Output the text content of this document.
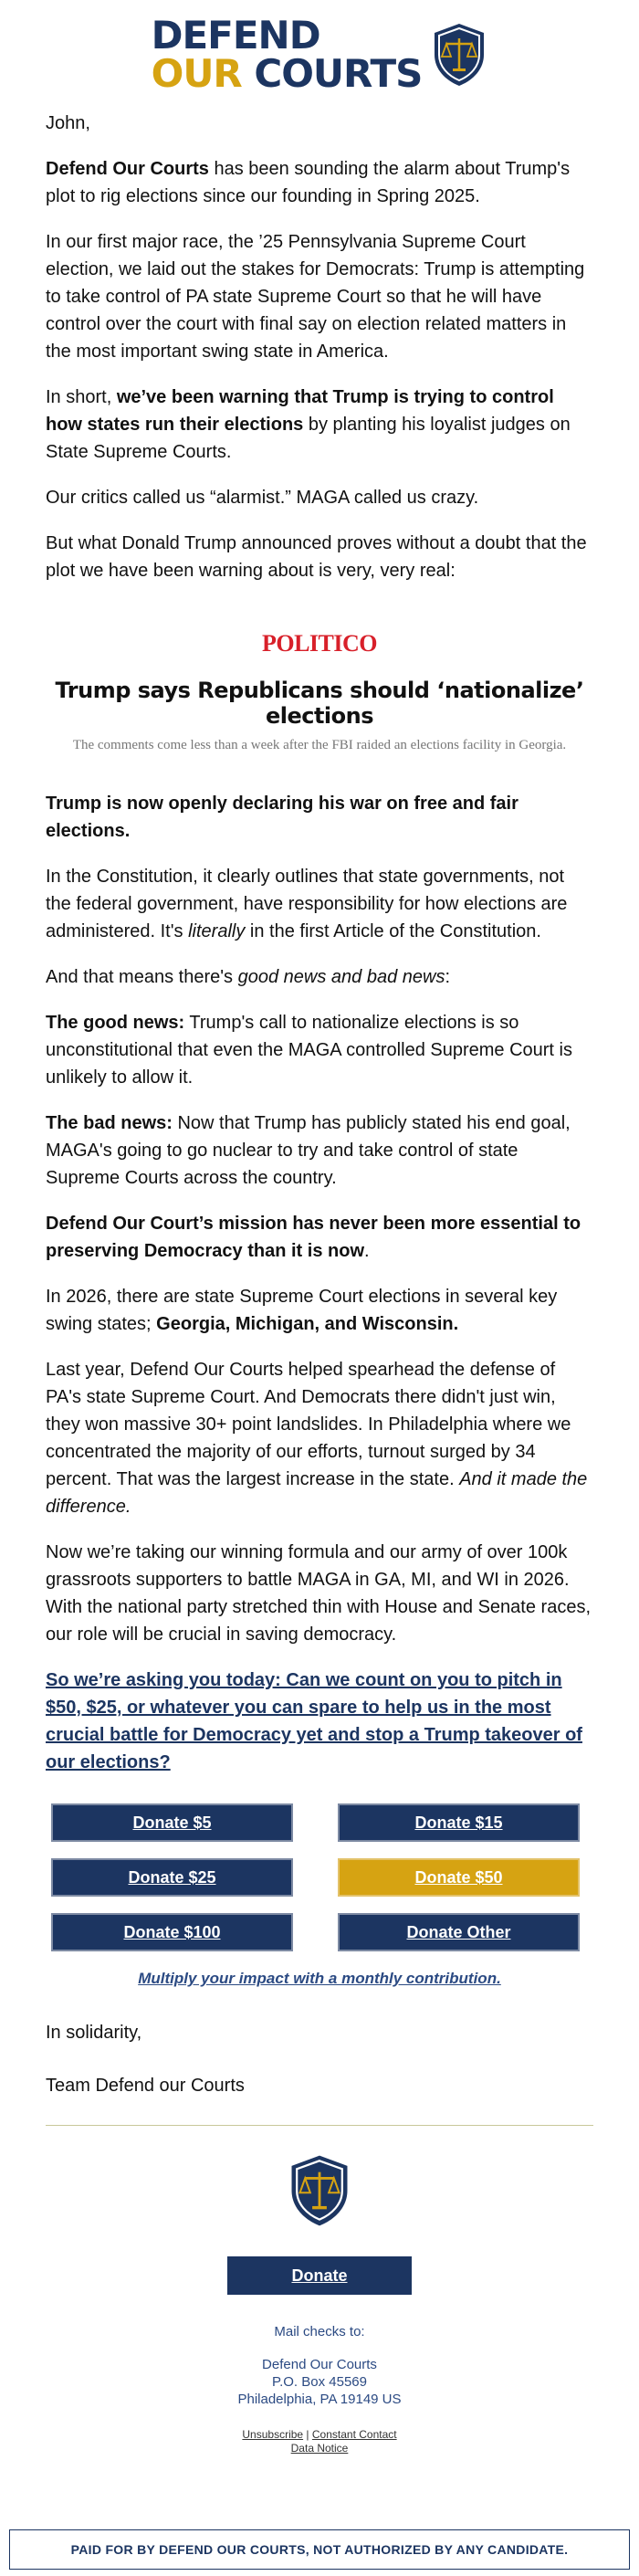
DEFEND
OUR COURTS

John,

Defend Our Courts has been sounding the alarm about Trump's plot to rig elections since our founding in Spring 2025.

In our first major race, the ’25 Pennsylvania Supreme Court election, we laid out the stakes for Democrats: Trump is attempting to take control of PA state Supreme Court so that he will have control over the court with final say on election related matters in the most important swing state in America.

In short, we’ve been warning that Trump is trying to control how states run their elections by planting his loyalist judges on State Supreme Courts.

Our critics called us “alarmist.” MAGA called us crazy.

But what Donald Trump announced proves without a doubt that the plot we have been warning about is very, very real:

POLITICO
Trump says Republicans should ‘nationalize’ elections
The comments come less than a week after the FBI raided an elections facility in Georgia.

Trump is now openly declaring his war on free and fair elections.

In the Constitution, it clearly outlines that state governments, not the federal government, have responsibility for how elections are administered. It's literally in the first Article of the Constitution.

And that means there's good news and bad news:

The good news: Trump's call to nationalize elections is so unconstitutional that even the MAGA controlled Supreme Court is unlikely to allow it.

The bad news: Now that Trump has publicly stated his end goal, MAGA's going to go nuclear to try and take control of state Supreme Courts across the country.

Defend Our Court’s mission has never been more essential to preserving Democracy than it is now.

In 2026, there are state Supreme Court elections in several key swing states; Georgia, Michigan, and Wisconsin.

Last year, Defend Our Courts helped spearhead the defense of PA's state Supreme Court. And Democrats there didn't just win, they won massive 30+ point landslides. In Philadelphia where we concentrated the majority of our efforts, turnout surged by 34 percent. That was the largest increase in the state. And it made the difference.

Now we’re taking our winning formula and our army of over 100k grassroots supporters to battle MAGA in GA, MI, and WI in 2026. With the national party stretched thin with House and Senate races, our role will be crucial in saving democracy.

So we’re asking you today: Can we count on you to pitch in $50, $25, or whatever you can spare to help us in the most crucial battle for Democracy yet and stop a Trump takeover of our elections?
Donate $5	Donate $15
Donate $25	Donate $50
Donate $100	Donate Other
Multiply your impact with a monthly contribution.

In solidarity,

Team Defend our Courts

Donate
Mail checks to:
Defend Our Courts
P.O. Box 45569
Philadelphia, PA 19149 US
Unsubscribe | Constant Contact
Data Notice
PAID FOR BY DEFEND OUR COURTS, NOT AUTHORIZED BY ANY CANDIDATE.
